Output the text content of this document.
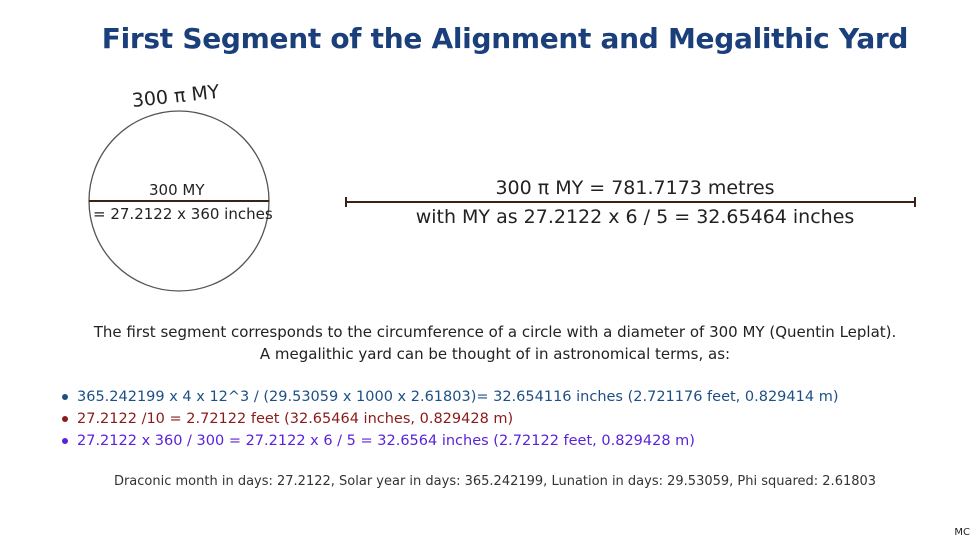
First Segment of the Alignment and Megalithic Yard
300 π MY
300 MY
= 27.2122 x 360 inches
300 π MY = 781.7173 metres
with MY as 27.2122 x 6 / 5 = 32.65464 inches
The first segment corresponds to the circumference of a circle with a diameter of 300 MY (Quentin Leplat).
A megalithic yard can be thought of in astronomical terms, as:
365.242199 x 4 x 12^3 / (29.53059 x 1000 x 2.61803)= 32.654116 inches (2.721176 feet, 0.829414 m)
27.2122 /10 = 2.72122 feet (32.65464 inches, 0.829428 m)
27.2122 x 360 / 300 = 27.2122 x 6 / 5 = 32.6564 inches (2.72122 feet, 0.829428 m)
Draconic month in days: 27.2122, Solar year in days: 365.242199, Lunation in days: 29.53059, Phi squared: 2.61803
MC
